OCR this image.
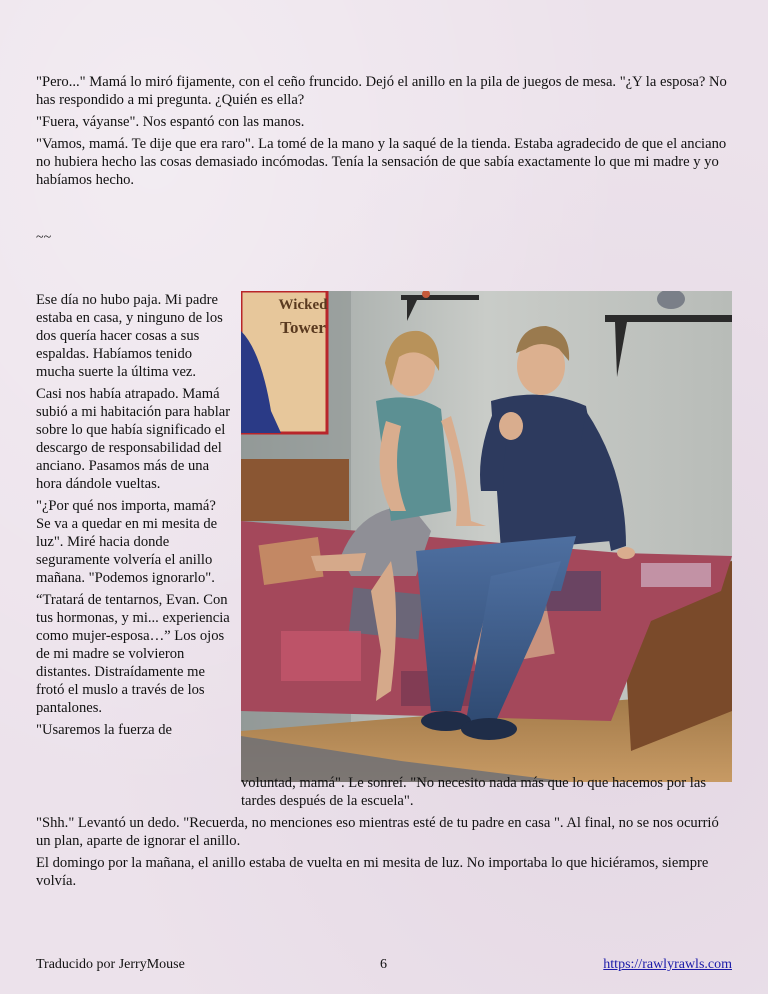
"Pero..." Mamá lo miró fijamente, con el ceño fruncido. Dejó el anillo en la pila de juegos de mesa. "¿Y la esposa? No has respondido a mi pregunta. ¿Quién es ella?

"Fuera, váyanse". Nos espantó con las manos.

"Vamos, mamá. Te dije que era raro". La tomé de la mano y la saqué de la tienda. Estaba agradecido de que el anciano no hubiera hecho las cosas demasiado incómodas. Tenía la sensación de que sabía exactamente lo que mi madre y yo habíamos hecho.

~~

Ese día no hubo paja. Mi padre estaba en casa, y ninguno de los dos quería hacer cosas a sus espaldas. Habíamos tenido mucha suerte la última vez.

Casi nos había atrapado. Mamá subió a mi habitación para hablar sobre lo que había significado el descargo de responsabilidad del anciano. Pasamos más de una hora dándole vueltas.

"¿Por qué nos importa, mamá? Se va a quedar en mi mesita de luz". Miré hacia donde seguramente volvería el anillo mañana. "Podemos ignorarlo".

“Tratará de tentarnos, Evan. Con tus hormonas, y mi... experiencia como mujer-esposa…” Los ojos de mi madre se volvieron distantes. Distraídamente me frotó el muslo a través de los pantalones.

"Usaremos la fuerza de

Wicked
Tower

voluntad, mamá". Le sonreí. "No necesito nada más que lo que hacemos por las tardes después de la escuela".

"Shh." Levantó un dedo. "Recuerda, no menciones eso mientras esté de tu padre en casa ". Al final, no se nos ocurrió un plan, aparte de ignorar el anillo.

El domingo por la mañana, el anillo estaba de vuelta en mi mesita de luz. No importaba lo que hiciéramos, siempre volvía.

Traducido por JerryMouse	6	https://rawlyrawls.com
